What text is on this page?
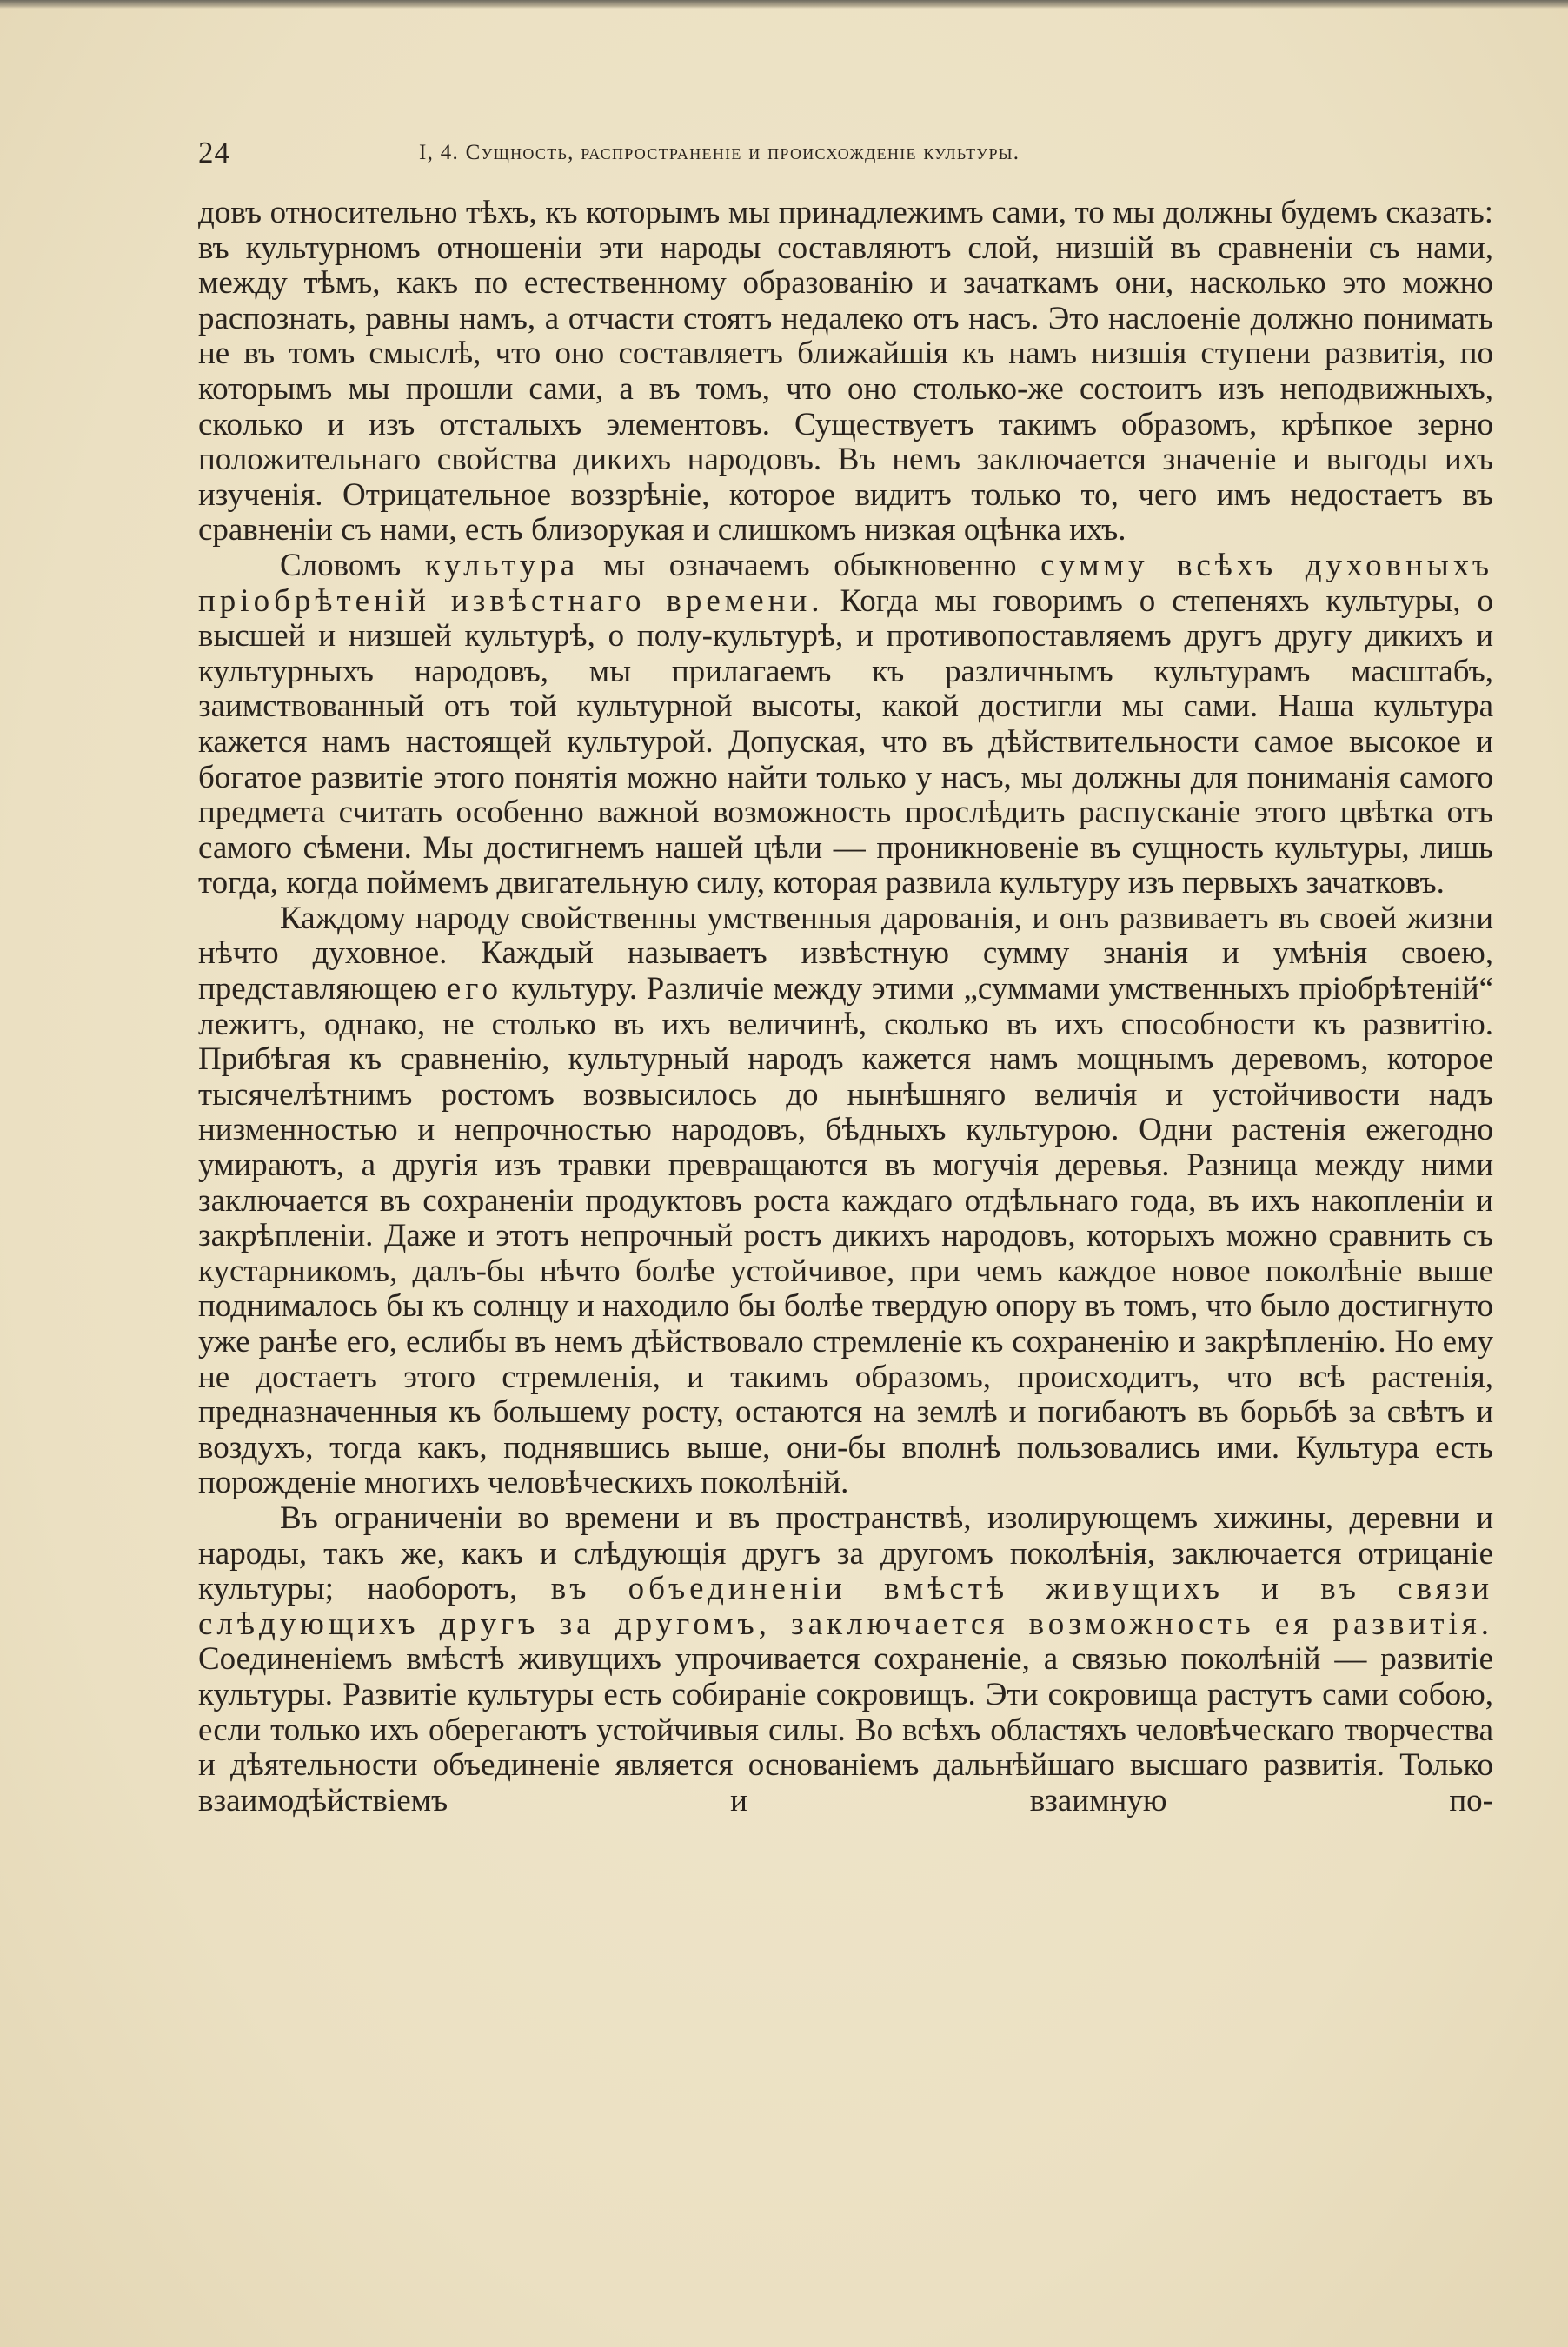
24	I, 4. Сущность, распространеніе и происхожденіе культуры.

довъ относительно тѣхъ, къ которымъ мы принадлежимъ сами, то мы должны будемъ сказать: въ культурномъ отношеніи эти народы составляютъ слой, низшій въ сравненіи съ нами, между тѣмъ, какъ по естественному образованію и зачаткамъ они, насколько это можно распознать, равны намъ, а отчасти стоятъ недалеко отъ насъ. Это наслоеніе должно понимать не въ томъ смыслѣ, что оно составляетъ ближайшія къ намъ низшія ступени развитія, по которымъ мы прошли сами, а въ томъ, что оно столько-же состоитъ изъ неподвижныхъ, сколько и изъ отсталыхъ элементовъ. Существуетъ такимъ образомъ, крѣпкое зерно положительнаго свойства дикихъ народовъ. Въ немъ заключается значеніе и выгоды ихъ изученія. Отрицательное воззрѣніе, которое видитъ только то, чего имъ недостаетъ въ сравненіи съ нами, есть близорукая и слишкомъ низкая оцѣнка ихъ.

Словомъ культура мы означаемъ обыкновенно сумму всѣхъ духовныхъ пріобрѣтеній извѣстнаго времени. Когда мы говоримъ о степеняхъ культуры, о высшей и низшей культурѣ, о полу-культурѣ, и противопоставляемъ другъ другу дикихъ и культурныхъ народовъ, мы прилагаемъ къ различнымъ культурамъ масштабъ, заимствованный отъ той культурной высоты, какой достигли мы сами. Наша культура кажется намъ настоящей культурой. Допуская, что въ дѣйствительности самое высокое и богатое развитіе этого понятія можно найти только у насъ, мы должны для пониманія самого предмета считать особенно важной возможность прослѣдить распусканіе этого цвѣтка отъ самого сѣмени. Мы достигнемъ нашей цѣли — проникновеніе въ сущность культуры, лишь тогда, когда поймемъ двигательную силу, которая развила культуру изъ первыхъ зачатковъ.

Каждому народу свойственны умственныя дарованія, и онъ развиваетъ въ своей жизни нѣчто духовное. Каждый называетъ извѣстную сумму знанія и умѣнія своею, представляющею его культуру. Различіе между этими „суммами умственныхъ пріобрѣтеній“ лежитъ, однако, не столько въ ихъ величинѣ, сколько въ ихъ способности къ развитію. Прибѣгая къ сравненію, культурный народъ кажется намъ мощнымъ деревомъ, которое тысячелѣтнимъ ростомъ возвысилось до нынѣшняго величія и устойчивости надъ низменностью и непрочностью народовъ, бѣдныхъ культурою. Одни растенія ежегодно умираютъ, а другія изъ травки превращаются въ могучія деревья. Разница между ними заключается въ сохраненіи продуктовъ роста каждаго отдѣльнаго года, въ ихъ накопленіи и закрѣпленіи. Даже и этотъ непрочный ростъ дикихъ народовъ, которыхъ можно сравнить съ кустарникомъ, далъ-бы нѣчто болѣе устойчивое, при чемъ каждое новое поколѣніе выше поднималось бы къ солнцу и находило бы болѣе твердую опору въ томъ, что было достигнуто уже ранѣе его, еслибы въ немъ дѣйствовало стремленіе къ сохраненію и закрѣпленію. Но ему не достаетъ этого стремленія, и такимъ образомъ, происходитъ, что всѣ растенія, предназначенныя къ большему росту, остаются на землѣ и погибаютъ въ борьбѣ за свѣтъ и воздухъ, тогда какъ, поднявшись выше, они-бы вполнѣ пользовались ими. Культура есть порожденіе многихъ человѣческихъ поколѣній.

Въ ограниченіи во времени и въ пространствѣ, изолирующемъ хижины, деревни и народы, такъ же, какъ и слѣдующія другъ за другомъ поколѣнія, заключается отрицаніе культуры; наоборотъ, въ объединеніи вмѣстѣ живущихъ и въ связи слѣдующихъ другъ за другомъ, заключается возможность ея развитія. Соединеніемъ вмѣстѣ живущихъ упрочивается сохраненіе, а связью поколѣній — развитіе культуры. Развитіе культуры есть собираніе сокровищъ. Эти сокровища растутъ сами собою, если только ихъ оберегаютъ устойчивыя силы. Во всѣхъ областяхъ человѣческаго творчества и дѣятельности объединеніе является основаніемъ дальнѣйшаго высшаго развитія. Только взаимодѣйствіемъ и взаимную по-
